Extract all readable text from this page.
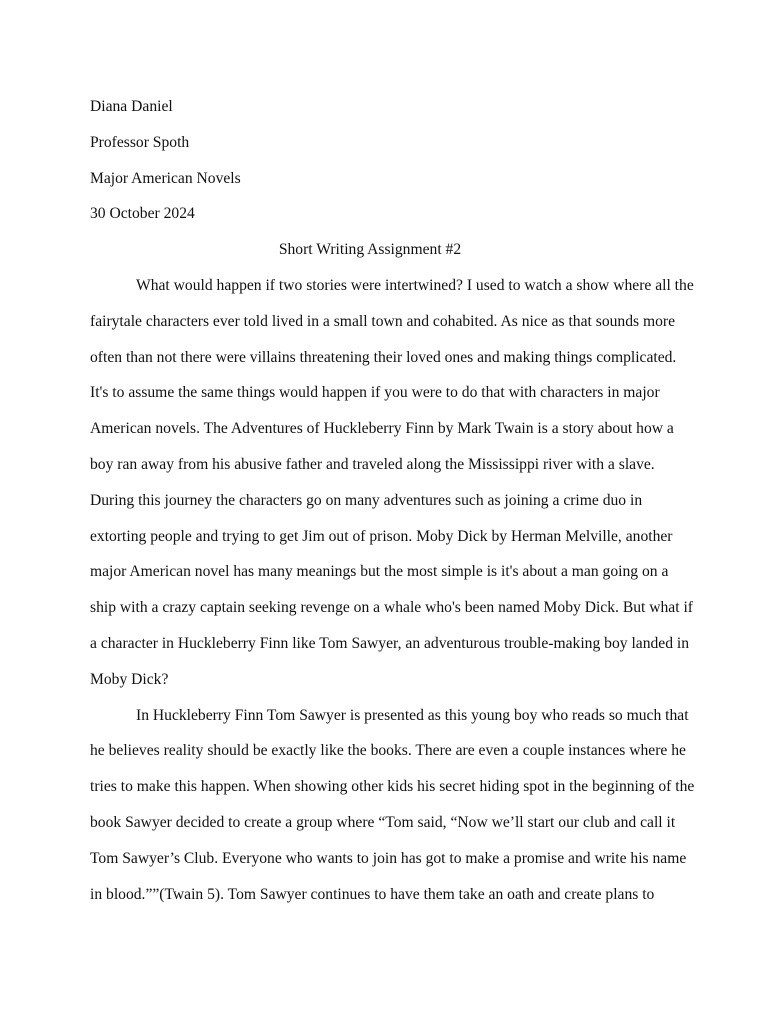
Diana Daniel
Professor Spoth
Major American Novels
30 October 2024
Short Writing Assignment #2
What would happen if two stories were intertwined? I used to watch a show where all the
fairytale characters ever told lived in a small town and cohabited. As nice as that sounds more
often than not there were villains threatening their loved ones and making things complicated.
It's to assume the same things would happen if you were to do that with characters in major
American novels. The Adventures of Huckleberry Finn by Mark Twain is a story about how a
boy ran away from his abusive father and traveled along the Mississippi river with a slave.
During this journey the characters go on many adventures such as joining a crime duo in
extorting people and trying to get Jim out of prison. Moby Dick by Herman Melville, another
major American novel has many meanings but the most simple is it's about a man going on a
ship with a crazy captain seeking revenge on a whale who's been named Moby Dick. But what if
a character in Huckleberry Finn like Tom Sawyer, an adventurous trouble-making boy landed in
Moby Dick?
In Huckleberry Finn Tom Sawyer is presented as this young boy who reads so much that
he believes reality should be exactly like the books. There are even a couple instances where he
tries to make this happen. When showing other kids his secret hiding spot in the beginning of the
book Sawyer decided to create a group where “Tom said, “Now we’ll start our club and call it
Tom Sawyer’s Club. Everyone who wants to join has got to make a promise and write his name
in blood.””(Twain 5). Tom Sawyer continues to have them take an oath and create plans to
